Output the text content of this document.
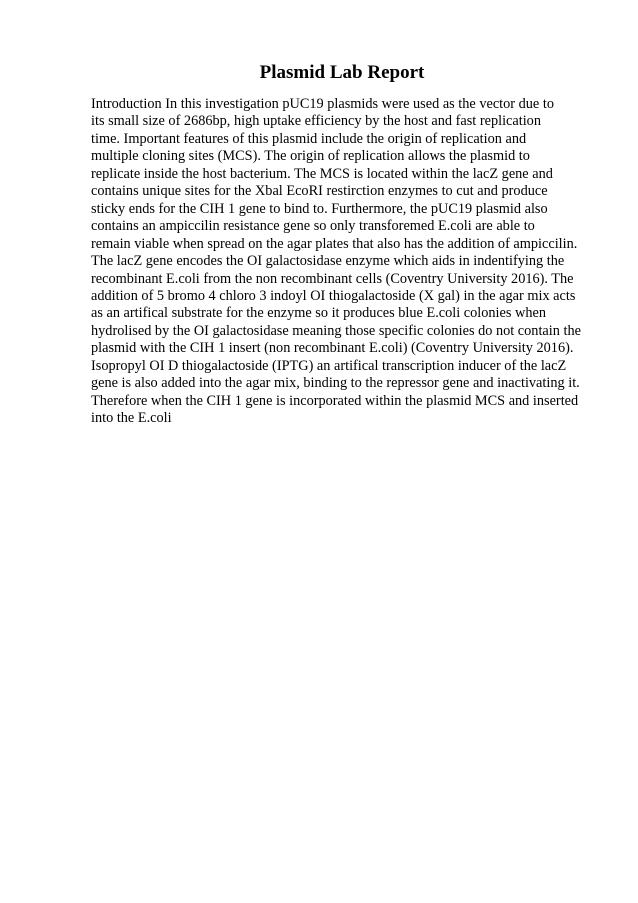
Plasmid Lab Report
Introduction In this investigation pUC19 plasmids were used as the vector due to
its small size of 2686bp, high uptake efficiency by the host and fast replication
time. Important features of this plasmid include the origin of replication and
multiple cloning sites (MCS). The origin of replication allows the plasmid to
replicate inside the host bacterium. The MCS is located within the lacZ gene and
contains unique sites for the Xbal EcoRI restirction enzymes to cut and produce
sticky ends for the CIH 1 gene to bind to. Furthermore, the pUC19 plasmid also
contains an ampiccilin resistance gene so only transforemed E.coli are able to
remain viable when spread on the agar plates that also has the addition of ampiccilin.
The lacZ gene encodes the OI galactosidase enzyme which aids in indentifying the
recombinant E.coli from the non recombinant cells (Coventry University 2016). The
addition of 5 bromo 4 chloro 3 indoyl OI thiogalactoside (X gal) in the agar mix acts
as an artifical substrate for the enzyme so it produces blue E.coli colonies when
hydrolised by the OI galactosidase meaning those specific colonies do not contain the
plasmid with the CIH 1 insert (non recombinant E.coli) (Coventry University 2016).
Isopropyl OI D thiogalactoside (IPTG) an artifical transcription inducer of the lacZ
gene is also added into the agar mix, binding to the repressor gene and inactivating it.
Therefore when the CIH 1 gene is incorporated within the plasmid MCS and inserted
into the E.coli
